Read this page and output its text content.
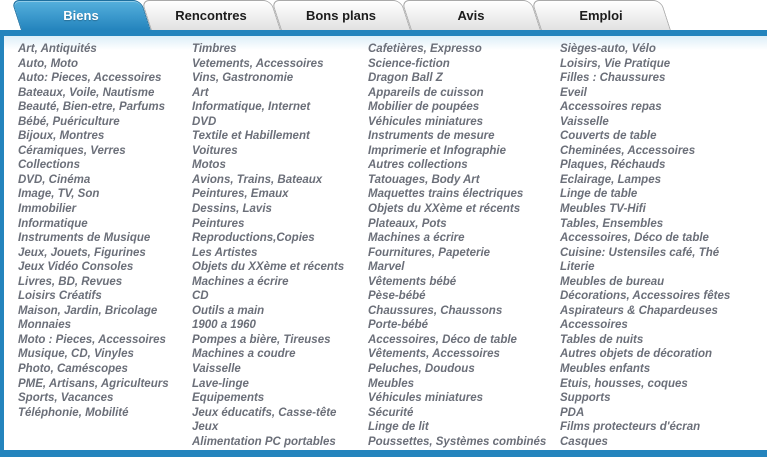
Biens	Rencontres	Bons plans	Avis	Emploi
Art, Antiquités
Auto, Moto
Auto: Pieces, Accessoires
Bateaux, Voile, Nautisme
Beauté, Bien-etre, Parfums
Bébé, Puériculture
Bijoux, Montres
Céramiques, Verres
Collections
DVD, Cinéma
Image, TV, Son
Immobilier
Informatique
Instruments de Musique
Jeux, Jouets, Figurines
Jeux Vidéo Consoles
Livres, BD, Revues
Loisirs Créatifs
Maison, Jardin, Bricolage
Monnaies
Moto : Pieces, Accessoires
Musique, CD, Vinyles
Photo, Caméscopes
PME, Artisans, Agriculteurs
Sports, Vacances
Téléphonie, Mobilité
Timbres
Vetements, Accessoires
Vins, Gastronomie
Art
Informatique, Internet
DVD
Textile et Habillement
Voitures
Motos
Avions, Trains, Bateaux
Peintures, Emaux
Dessins, Lavis
Peintures
Reproductions,Copies
Les Artistes
Objets du XXème et récents
Machines a écrire
CD
Outils a main
1900 a 1960
Pompes a bière, Tireuses
Machines a coudre
Vaisselle
Lave-linge
Equipements
Jeux éducatifs, Casse-tête
Jeux
Alimentation PC portables
Cafetières, Expresso
Science-fiction
Dragon Ball Z
Appareils de cuisson
Mobilier de poupées
Véhicules miniatures
Instruments de mesure
Imprimerie et Infographie
Autres collections
Tatouages, Body Art
Maquettes trains électriques
Objets du XXème et récents
Plateaux, Pots
Machines a écrire
Fournitures, Papeterie
Marvel
Vêtements bébé
Pèse-bébé
Chaussures, Chaussons
Porte-bébé
Accessoires, Déco de table
Vêtements, Accessoires
Peluches, Doudous
Meubles
Véhicules miniatures
Sécurité
Linge de lit
Poussettes, Systèmes combinés
Sièges-auto, Vélo
Loisirs, Vie Pratique
Filles : Chaussures
Eveil
Accessoires repas
Vaisselle
Couverts de table
Cheminées, Accessoires
Plaques, Réchauds
Eclairage, Lampes
Linge de table
Meubles TV-Hifi
Tables, Ensembles
Accessoires, Déco de table
Cuisine: Ustensiles café, Thé
Literie
Meubles de bureau
Décorations, Accessoires fêtes
Aspirateurs & Chapardeuses
Accessoires
Tables de nuits
Autres objets de décoration
Meubles enfants
Etuis, housses, coques
Supports
PDA
Films protecteurs d'écran
Casques
